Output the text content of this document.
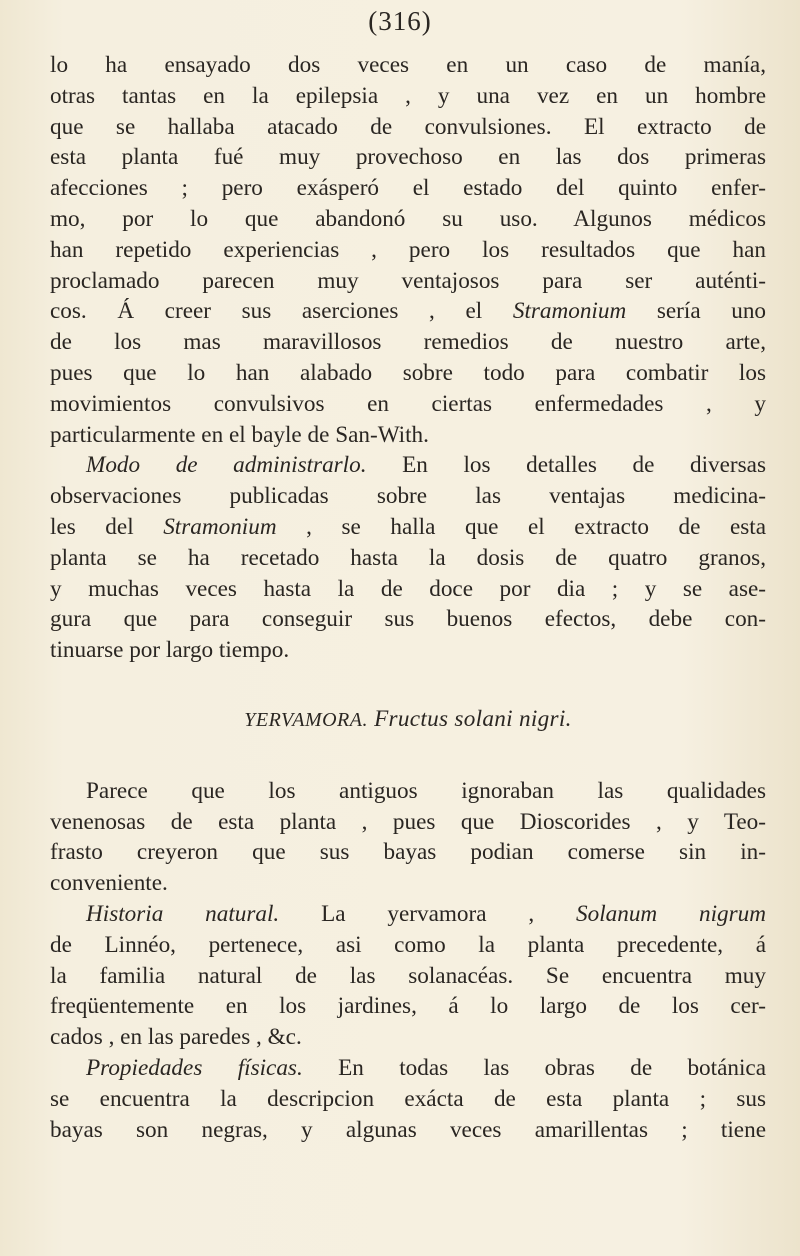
(316)
lo ha ensayado dos veces en un caso de manía,
otras tantas en la epilepsia , y una vez en un hombre
que se hallaba atacado de convulsiones. El extracto de
esta planta fué muy provechoso en las dos primeras
afecciones ; pero exásperó el estado del quinto enfer-
mo, por lo que abandonó su uso. Algunos médicos
han repetido experiencias , pero los resultados que han
proclamado parecen muy ventajosos para ser auténti-
cos. Á creer sus aserciones , el Stramonium sería uno
de los mas maravillosos remedios de nuestro arte,
pues que lo han alabado sobre todo para combatir los
movimientos convulsivos en ciertas enfermedades , y
particularmente en el bayle de San-With.
Modo de administrarlo. En los detalles de diversas
observaciones publicadas sobre las ventajas medicina-
les del Stramonium , se halla que el extracto de esta
planta se ha recetado hasta la dosis de quatro granos,
y muchas veces hasta la de doce por dia ; y se ase-
gura que para conseguir sus buenos efectos, debe con-
tinuarse por largo tiempo.
YERVAMORA. Fructus solani nigri.
Parece que los antiguos ignoraban las qualidades
venenosas de esta planta , pues que Dioscorides , y Teo-
frasto creyeron que sus bayas podian comerse sin in-
conveniente.
Historia natural. La yervamora , Solanum nigrum
de Linnéo, pertenece, asi como la planta precedente, á
la familia natural de las solanacéas. Se encuentra muy
freqüentemente en los jardines, á lo largo de los cer-
cados , en las paredes , &c.
Propiedades físicas. En todas las obras de botánica
se encuentra la descripcion exácta de esta planta ; sus
bayas son negras, y algunas veces amarillentas ; tiene
